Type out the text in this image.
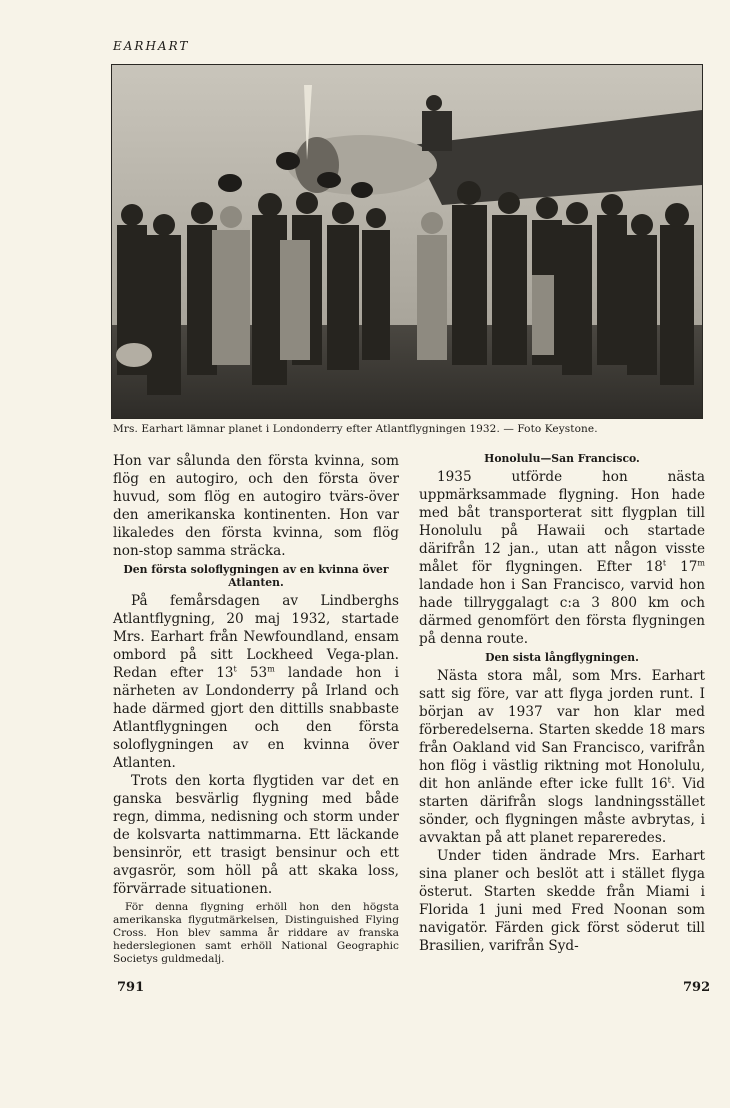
EARHART
Mrs. Earhart lämnar planet i Londonderry efter Atlantflygningen 1932. — Foto Keystone.

Hon var sålunda den första kvinna, som flög en autogiro, och den första över huvud, som flög en autogiro tvärs-över den amerikanska kontinenten. Hon var likaledes den första kvinna, som flög non-stop samma sträcka.

Den första soloflygningen av en kvinna över Atlanten.

På femårsdagen av Lindberghs Atlantflygning, 20 maj 1932, startade Mrs. Earhart från Newfoundland, ensam ombord på sitt Lockheed Vega-plan. Redan efter 13$^t$ 53$^m$ landade hon i närheten av Londonderry på Irland och hade därmed gjort den dittills snabbaste Atlantflygningen och den första soloflygningen av en kvinna över Atlanten.

Trots den korta flygtiden var det en ganska besvärlig flygning med både regn, dimma, nedisning och storm under de kolsvarta nattimmarna. Ett läckande bensinrör, ett trasigt bensinur och ett avgasrör, som höll på att skaka loss, förvärrade situationen.

För denna flygning erhöll hon den högsta amerikanska flygutmärkelsen, Distinguished Flying Cross. Hon blev samma år riddare av franska hederslegionen samt erhöll National Geographic Societys guldmedalj.

Honolulu—San Francisco.

1935 utförde hon nästa uppmärksammade flygning. Hon hade med båt transporterat sitt flygplan till Honolulu på Hawaii och startade därifrån 12 jan., utan att någon visste målet för flygningen. Efter 18$^t$ 17$^m$ landade hon i San Francisco, varvid hon hade tillryggalagt c:a 3 800 km och därmed genomfört den första flygningen på denna route.

Den sista långflygningen.

Nästa stora mål, som Mrs. Earhart satt sig före, var att flyga jorden runt. I början av 1937 var hon klar med förberedelserna. Starten skedde 18 mars från Oakland vid San Francisco, varifrån hon flög i västlig riktning mot Honolulu, dit hon anlände efter icke fullt 16$^t$. Vid starten därifrån slogs landningsstället sönder, och flygningen måste avbrytas, i avvaktan på att planet repareredes.

Under tiden ändrade Mrs. Earhart sina planer och beslöt att i stället flyga österut. Starten skedde från Miami i Florida 1 juni med Fred Noonan som navigatör. Färden gick först söderut till Brasilien, varifrån Syd-

791	792
